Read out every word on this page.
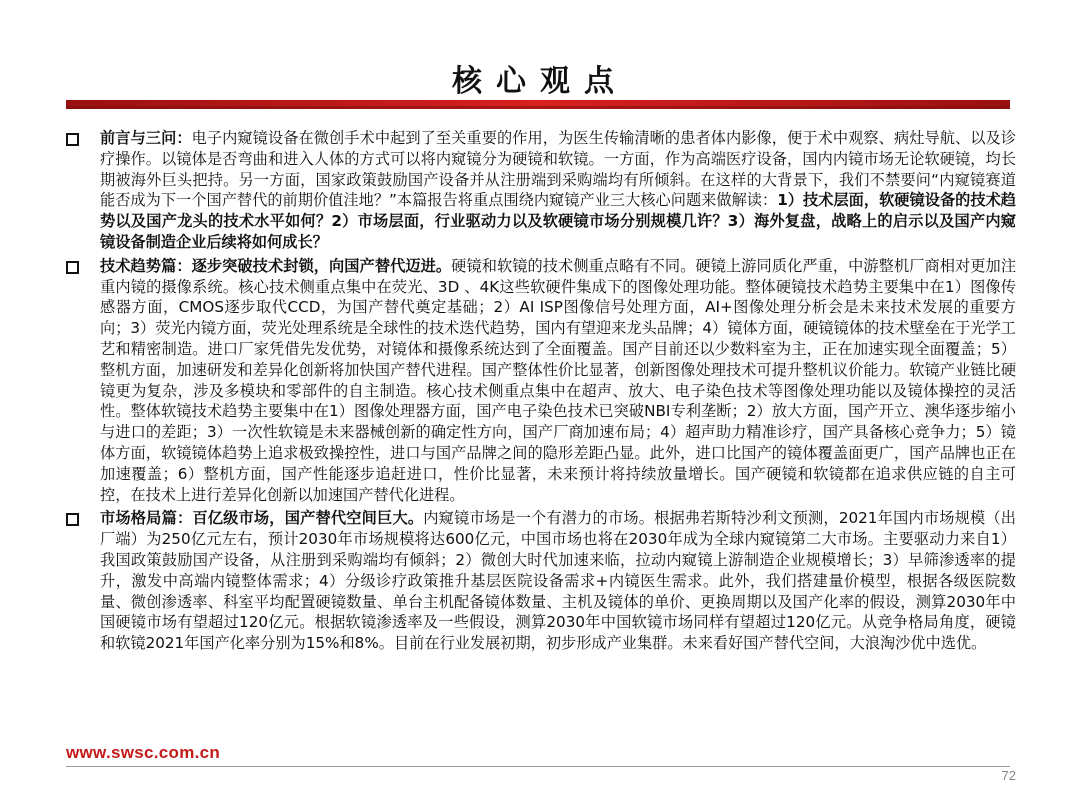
核心观点
前言与三问：电子内窥镜设备在微创手术中起到了至关重要的作用，为医生传输清晰的患者体内影像，便于术中观察、病灶导航、以及诊疗操作。以镜体是否弯曲和进入人体的方式可以将内窥镜分为硬镜和软镜。一方面，作为高端医疗设备，国内内镜市场无论软硬镜，均长期被海外巨头把持。另一方面，国家政策鼓励国产设备并从注册端到采购端均有所倾斜。在这样的大背景下，我们不禁要问“内窥镜赛道能否成为下一个国产替代的前期价值洼地？”本篇报告将重点围绕内窥镜产业三大核心问题来做解读：1）技术层面，软硬镜设备的技术趋势以及国产龙头的技术水平如何？2）市场层面，行业驱动力以及软硬镜市场分别规模几许？3）海外复盘，战略上的启示以及国产内窥镜设备制造企业后续将如何成长？
技术趋势篇：逐步突破技术封锁，向国产替代迈进。硬镜和软镜的技术侧重点略有不同。硬镜上游同质化严重，中游整机厂商相对更加注重内镜的摄像系统。核心技术侧重点集中在荧光、3D 、4K这些软硬件集成下的图像处理功能。整体硬镜技术趋势主要集中在1）图像传感器方面，CMOS逐步取代CCD，为国产替代奠定基础；2）AI ISP图像信号处理方面，AI+图像处理分析会是未来技术发展的重要方向；3）荧光内镜方面，荧光处理系统是全球性的技术迭代趋势，国内有望迎来龙头品牌；4）镜体方面，硬镜镜体的技术壁垒在于光学工艺和精密制造。进口厂家凭借先发优势，对镜体和摄像系统达到了全面覆盖。国产目前还以少数料室为主，正在加速实现全面覆盖；5）整机方面，加速研发和差异化创新将加快国产替代进程。国产整体性价比显著，创新图像处理技术可提升整机议价能力。软镜产业链比硬镜更为复杂，涉及多模块和零部件的自主制造。核心技术侧重点集中在超声、放大、电子染色技术等图像处理功能以及镜体操控的灵活性。整体软镜技术趋势主要集中在1）图像处理器方面，国产电子染色技术已突破NBI专利垄断；2）放大方面，国产开立、澳华逐步缩小与进口的差距；3）一次性软镜是未来器械创新的确定性方向，国产厂商加速布局；4）超声助力精准诊疗，国产具备核心竞争力；5）镜体方面，软镜镜体趋势上追求极致操控性，进口与国产品牌之间的隐形差距凸显。此外，进口比国产的镜体覆盖面更广，国产品牌也正在加速覆盖；6）整机方面，国产性能逐步追赶进口，性价比显著，未来预计将持续放量增长。国产硬镜和软镜都在追求供应链的自主可控，在技术上进行差异化创新以加速国产替代化进程。
市场格局篇：百亿级市场，国产替代空间巨大。内窥镜市场是一个有潜力的市场。根据弗若斯特沙利文预测，2021年国内市场规模（出厂端）为250亿元左右，预计2030年市场规模将达600亿元，中国市场也将在2030年成为全球内窥镜第二大市场。主要驱动力来自1）我国政策鼓励国产设备，从注册到采购端均有倾斜；2）微创大时代加速来临，拉动内窥镜上游制造企业规模增长；3）早筛渗透率的提升，激发中高端内镜整体需求；4）分级诊疗政策推升基层医院设备需求+内镜医生需求。此外，我们搭建量价模型，根据各级医院数量、微创渗透率、科室平均配置硬镜数量、单台主机配备镜体数量、主机及镜体的单价、更换周期以及国产化率的假设，测算2030年中国硬镜市场有望超过120亿元。根据软镜渗透率及一些假设，测算2030年中国软镜市场同样有望超过120亿元。从竞争格局角度，硬镜和软镜2021年国产化率分别为15%和8%。目前在行业发展初期，初步形成产业集群。未来看好国产替代空间，大浪淘沙优中选优。
www.swsc.com.cn
72
